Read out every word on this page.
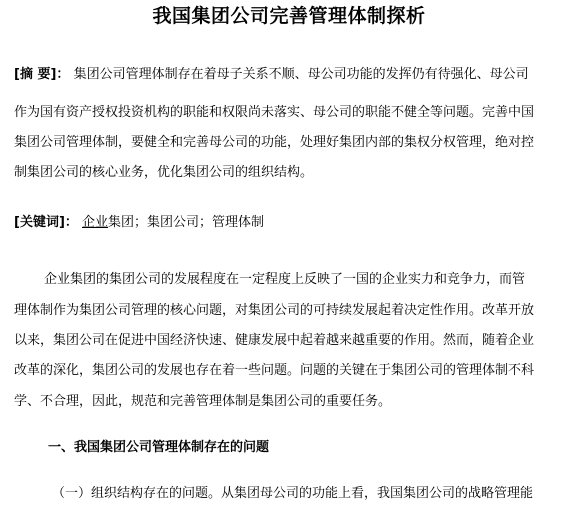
我国集团公司完善管理体制探析
[摘 要]： 集团公司管理体制存在着母子关系不顺、母公司功能的发挥仍有待强化、母公司
作为国有资产授权投资机构的职能和权限尚未落实、母公司的职能不健全等问题。完善中国
集团公司管理体制，要健全和完善母公司的功能，处理好集团内部的集权分权管理，绝对控
制集团公司的核心业务，优化集团公司的组织结构。
[关键词]： 企业集团；集团公司；管理体制
企业集团的集团公司的发展程度在一定程度上反映了一国的企业实力和竞争力，而管
理体制作为集团公司管理的核心问题，对集团公司的可持续发展起着决定性作用。改革开放
以来，集团公司在促进中国经济快速、健康发展中起着越来越重要的作用。然而，随着企业
改革的深化，集团公司的发展也存在着一些问题。问题的关键在于集团公司的管理体制不科
学、不合理，因此，规范和完善管理体制是集团公司的重要任务。
一、我国集团公司管理体制存在的问题
（一）组织结构存在的问题。从集团母公司的功能上看，我国集团公司的战略管理能
